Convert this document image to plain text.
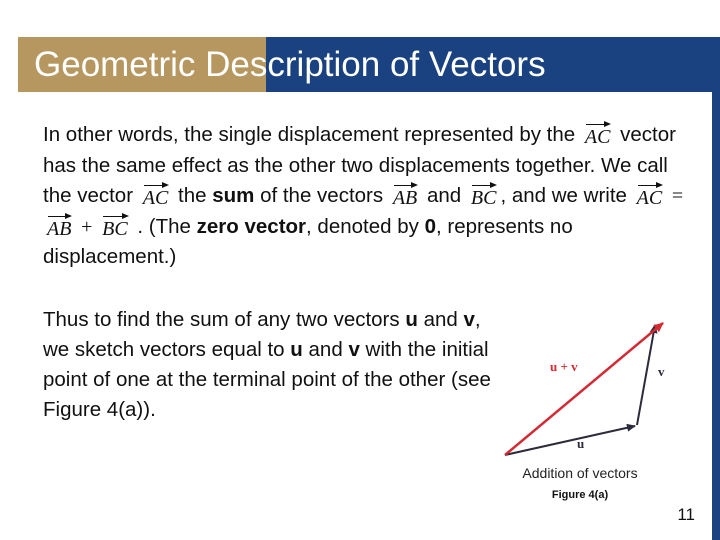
Geometric Description of Vectors

In other words, the single displacement represented by the AC vector has the same effect as the other two displacements together. We call the vector AC the sum of the vectors AB and BC , and we write AC = AB + BC . (The zero vector, denoted by 0, represents no displacement.)

Thus to find the sum of any two vectors u and v, we sketch vectors equal to u and v with the initial point of one at the terminal point of the other (see Figure 4(a)).

u + v	v
u
Addition of vectors
Figure 4(a)
11
